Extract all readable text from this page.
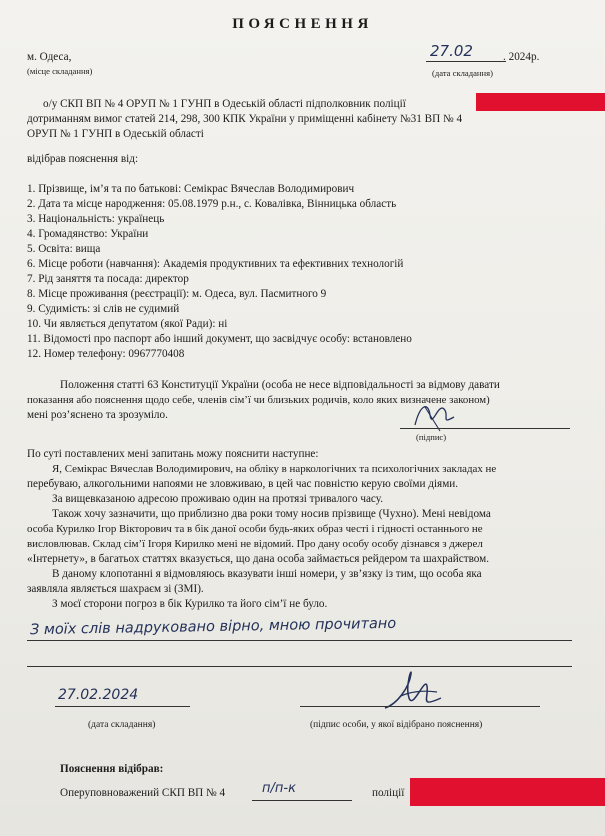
ПОЯСНЕННЯ
м. Одеса,
(місце складання)
27.02	. 2024р.
(дата складання)
о/у СКП ВП № 4 ОРУП № 1 ГУНП в Одеській області підполковник поліції
дотриманням вимог статей 214, 298, 300 КПК України у приміщенні кабінету №31 ВП № 4
ОРУП № 1 ГУНП в Одеській області
відібрав пояснення від:
1. Прізвище, ім’я та по батькові: Семікрас Вячеслав Володимирович
2. Дата та місце народження: 05.08.1979 р.н., с. Ковалівка, Вінницька область
3. Національність: українець
4. Громадянство: України
5. Освіта: вища
6. Місце роботи (навчання): Академія продуктивних та ефективних технологій
7. Рід заняття та посада: директор
8. Місце проживання (реєстрації): м. Одеса, вул. Пасмитного 9
9. Судимість: зі слів не судимий
10. Чи являється депутатом (якої Ради): ні
11. Відомості про паспорт або інший документ, що засвідчує особу: встановлено
12. Номер телефону: 0967770408
Положення статті 63 Конституції України (особа не несе відповідальності за відмову давати
показання або пояснення щодо себе, членів сім’ї чи близьких родичів, коло яких визначене законом)
мені роз’яснено та зрозуміло.
(підпис)
По суті поставлених мені запитань можу пояснити наступне:
Я, Семікрас Вячеслав Володимирович, на обліку в наркологічних та психологічних закладах не
перебуваю, алкогольними напоями не зловживаю, в цей час повністю керую своїми діями.
За вищевказаною адресою проживаю один на протязі тривалого часу.
Також хочу зазначити, що приблизно два роки тому носив прізвище (Чухно). Мені невідома
особа Курилко Ігор Вікторович та в бік даної особи будь-яких образ честі і гідності останнього не
висловлював. Склад сім’ї Ігоря Кирилко мені не відомий. Про дану особу особу дізнався з джерел
«Інтернету», в багатьох статтях вказується, що дана особа займається рейдером та шахрайством.
В даному клопотанні я відмовляюсь вказувати інші номери, у зв’язку із тим, що особа яка
заявляла являється шахраєм зі (ЗМІ).
З моєї сторони погроз в бік Курилко та його сім’ї не було.
З моїх слів надруковано вірно, мною прочитано
27.02.2024
(дата складання)	(підпис особи, у якої відібрано пояснення)
Пояснення відібрав:
Оперуповноважений СКП ВП № 4	п/п-к	поліції
